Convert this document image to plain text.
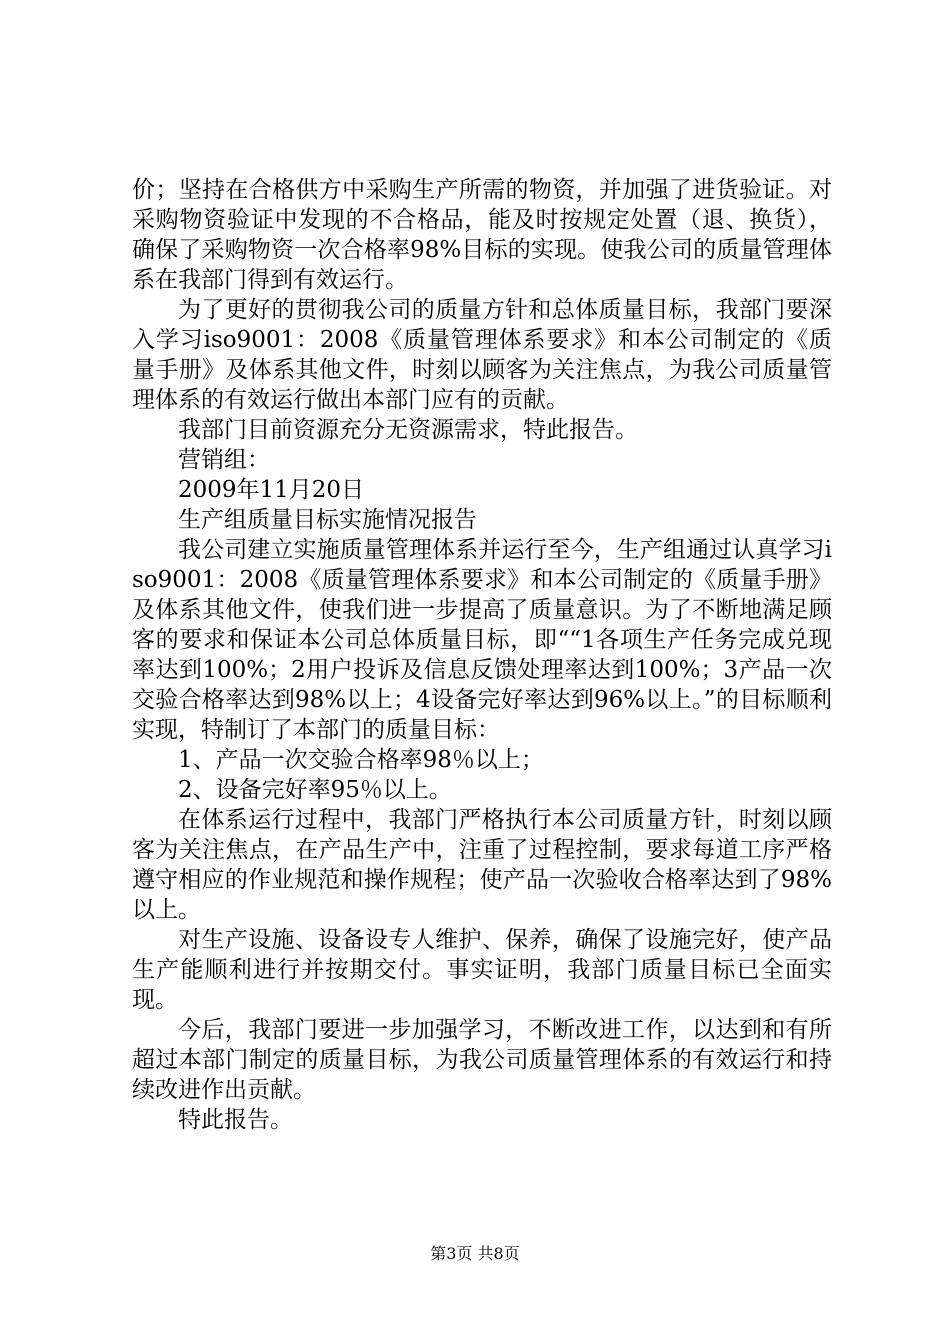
价；坚持在合格供方中采购生产所需的物资，并加强了进货验证。对采购物资验证中发现的不合格品，能及时按规定处置（退、换货），确保了采购物资一次合格率98%目标的实现。使我公司的质量管理体系在我部门得到有效运行。

为了更好的贯彻我公司的质量方针和总体质量目标，我部门要深入学习iso9001：2008《质量管理体系要求》和本公司制定的《质量手册》及体系其他文件，时刻以顾客为关注焦点，为我公司质量管理体系的有效运行做出本部门应有的贡献。

我部门目前资源充分无资源需求，特此报告。

营销组：

2009年11月20日

生产组质量目标实施情况报告

我公司建立实施质量管理体系并运行至今，生产组通过认真学习iso9001：2008《质量管理体系要求》和本公司制定的《质量手册》及体系其他文件，使我们进一步提高了质量意识。为了不断地满足顾客的要求和保证本公司总体质量目标，即““1各项生产任务完成兑现率达到100%；2用户投诉及信息反馈处理率达到100%；3产品一次交验合格率达到98%以上；4设备完好率达到96%以上。”的目标顺利实现，特制订了本部门的质量目标：

1、产品一次交验合格率98％以上；

2、设备完好率95％以上。

在体系运行过程中，我部门严格执行本公司质量方针，时刻以顾客为关注焦点，在产品生产中，注重了过程控制，要求每道工序严格遵守相应的作业规范和操作规程；使产品一次验收合格率达到了98%以上。

对生产设施、设备设专人维护、保养，确保了设施完好，使产品生产能顺利进行并按期交付。事实证明，我部门质量目标已全面实现。

今后，我部门要进一步加强学习，不断改进工作，以达到和有所超过本部门制定的质量目标，为我公司质量管理体系的有效运行和持续改进作出贡献。

特此报告。

第3页 共8页
